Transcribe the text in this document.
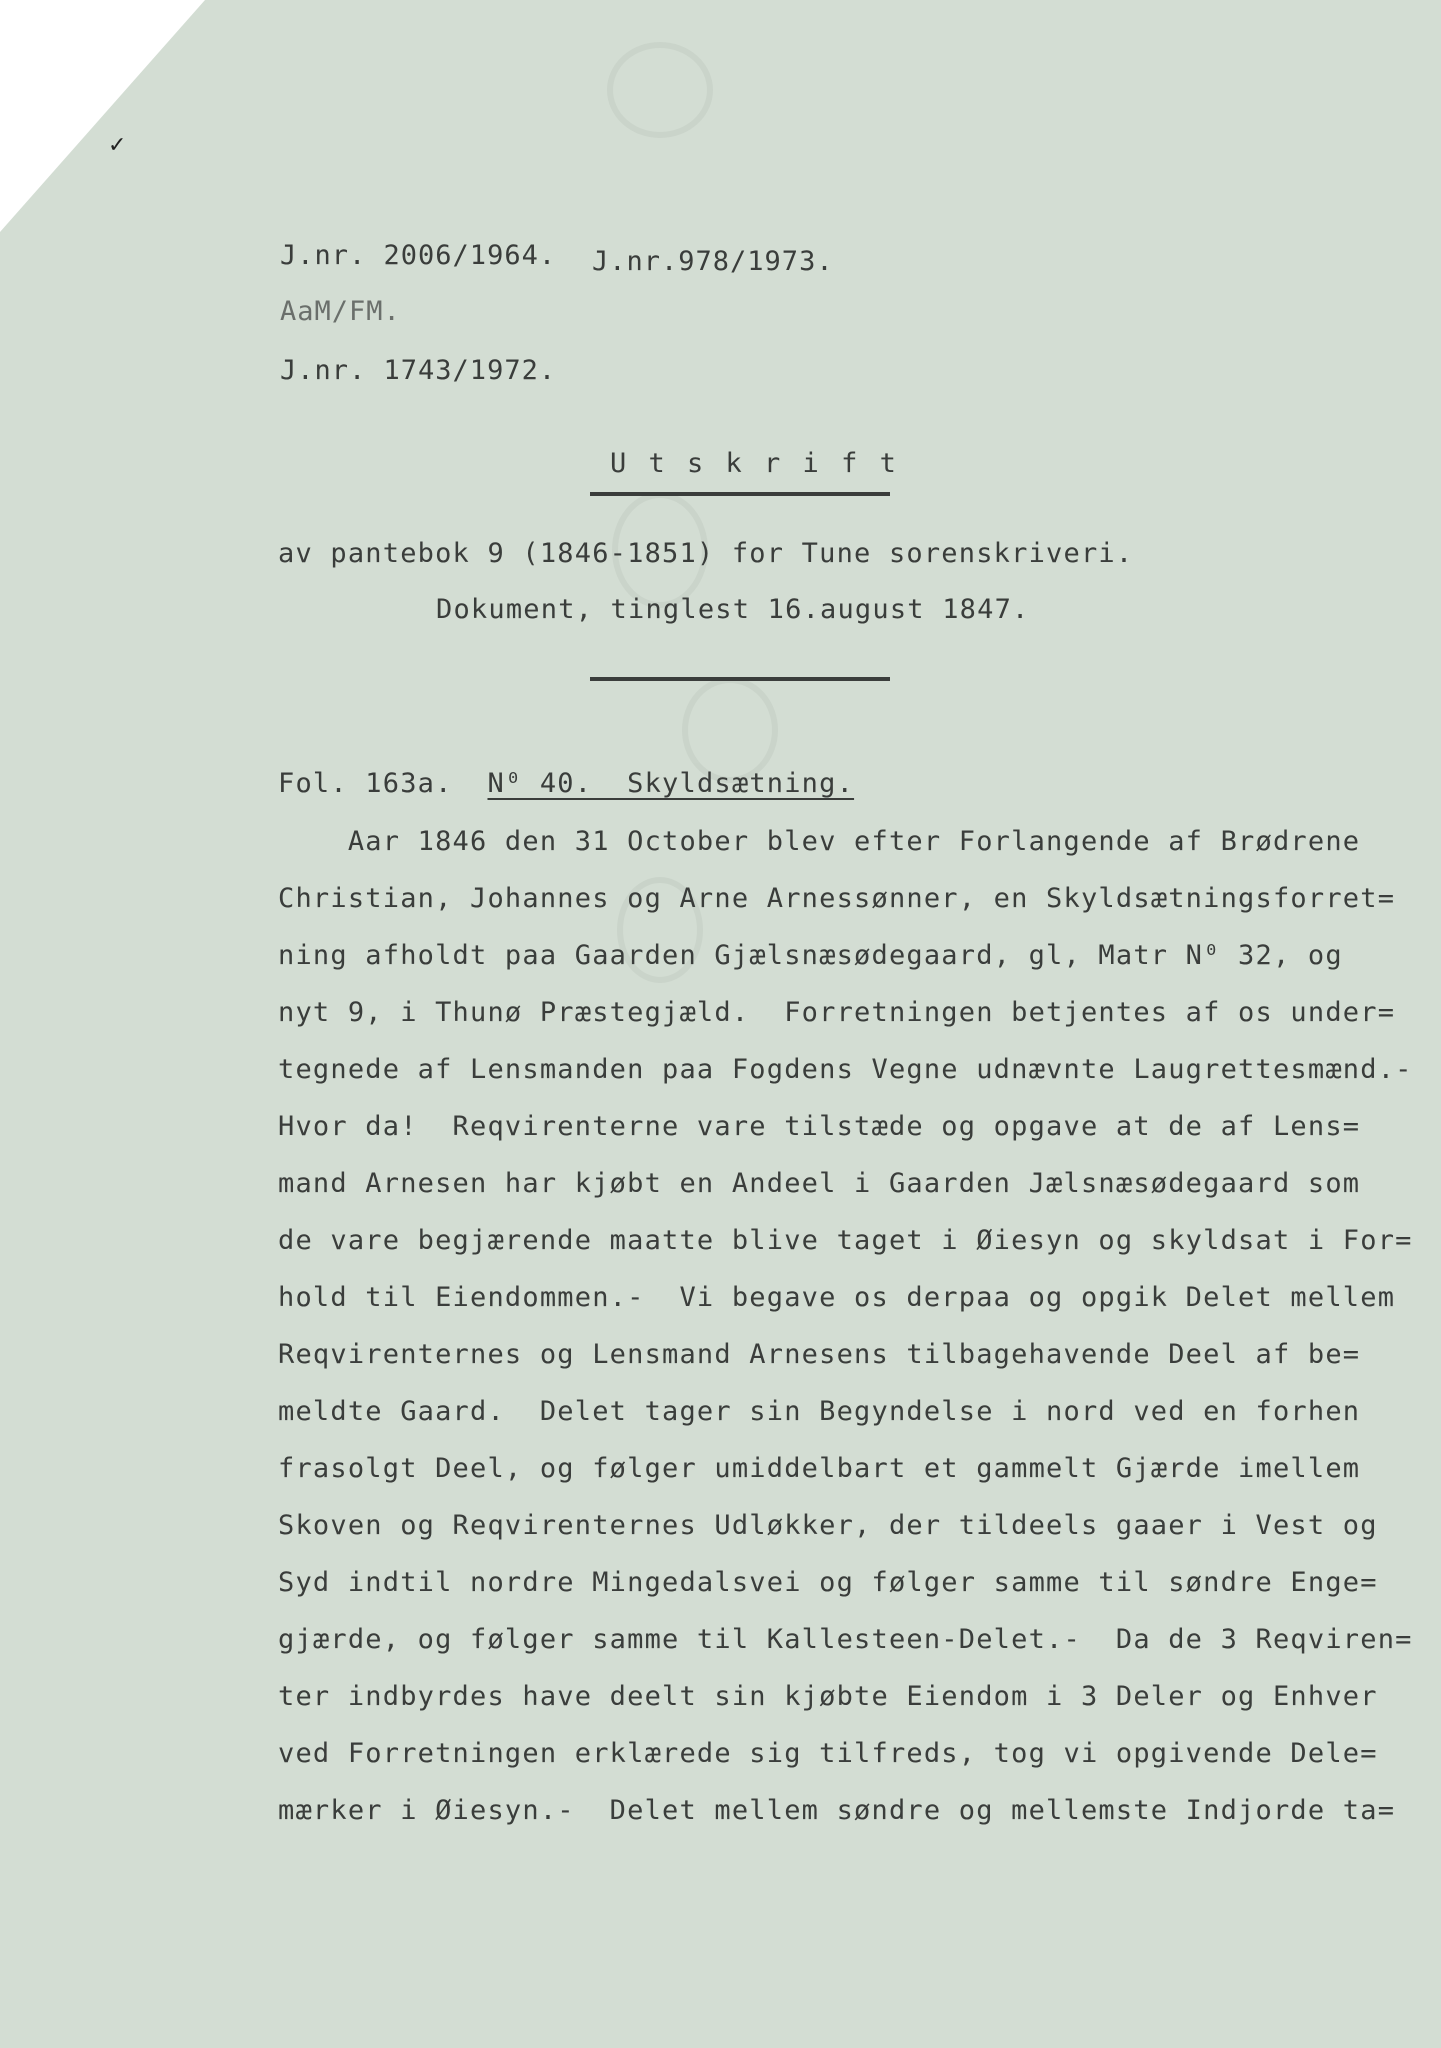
✓
J.nr. 2006/1964. J.nr.978/1973.
AaM/FM.
J.nr. 1743/1972.
U t s k r i f t
av pantebok 9 (1846-1851) for Tune sorenskriveri.
Dokument, tinglest 16.august 1847.
Fol. 163a. N⁰ 40.  Skyldsætning.
Aar 1846 den 31 October blev efter Forlangende af Brødrene
Christian, Johannes og Arne Arnessønner, en Skyldsætningsforret=
ning afholdt paa Gaarden Gjælsnæsødegaard, gl, Matr N⁰ 32, og
nyt 9, i Thunø Præstegjæld.  Forretningen betjentes af os under=
tegnede af Lensmanden paa Fogdens Vegne udnævnte Laugrettesmænd.-
Hvor da!  Reqvirenterne vare tilstæde og opgave at de af Lens=
mand Arnesen har kjøbt en Andeel i Gaarden Jælsnæsødegaard som
de vare begjærende maatte blive taget i Øiesyn og skyldsat i For=
hold til Eiendommen.-  Vi begave os derpaa og opgik Delet mellem
Reqvirenternes og Lensmand Arnesens tilbagehavende Deel af be=
meldte Gaard.  Delet tager sin Begyndelse i nord ved en forhen
frasolgt Deel, og følger umiddelbart et gammelt Gjærde imellem
Skoven og Reqvirenternes Udløkker, der tildeels gaaer i Vest og
Syd indtil nordre Mingedalsvei og følger samme til søndre Enge=
gjærde, og følger samme til Kallesteen-Delet.-  Da de 3 Reqviren=
ter indbyrdes have deelt sin kjøbte Eiendom i 3 Deler og Enhver
ved Forretningen erklærede sig tilfreds, tog vi opgivende Dele=
mærker i Øiesyn.-  Delet mellem søndre og mellemste Indjorde ta=
